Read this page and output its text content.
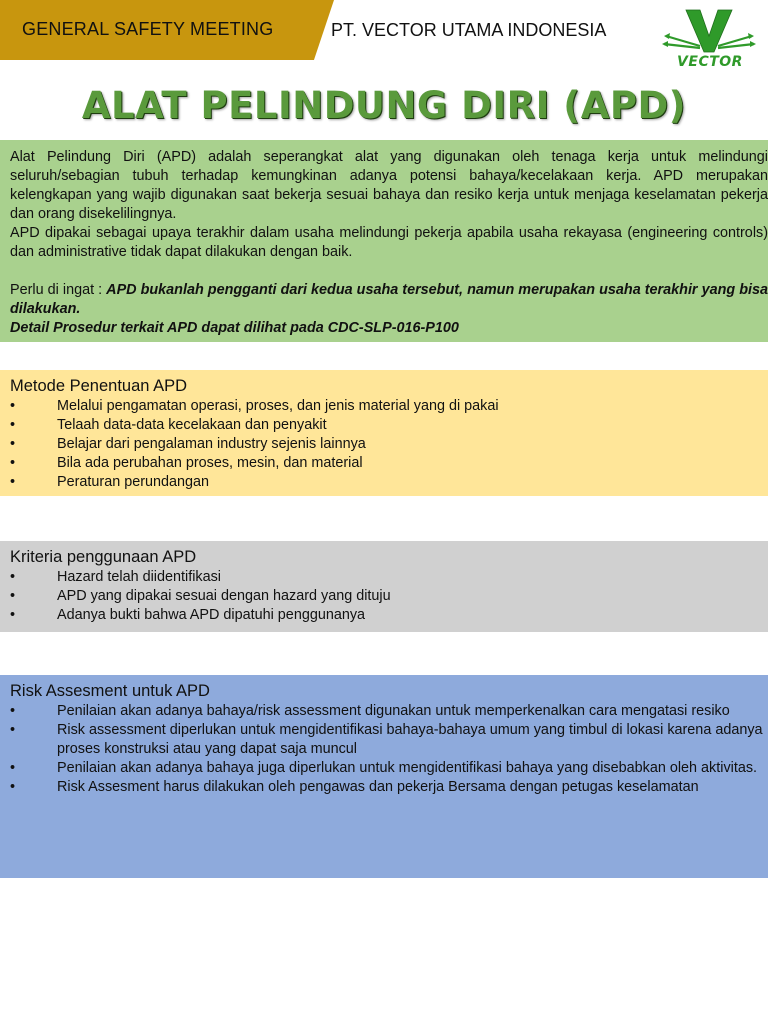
GENERAL SAFETY MEETING	PT. VECTOR UTAMA INDONESIA
VECTOR
ALAT PELINDUNG DIRI (APD)

Alat Pelindung Diri (APD) adalah seperangkat alat yang digunakan oleh tenaga kerja untuk melindungi seluruh/sebagian tubuh terhadap kemungkinan adanya potensi bahaya/kecelakaan kerja. APD merupakan kelengkapan yang wajib digunakan saat bekerja sesuai bahaya dan resiko kerja untuk menjaga keselamatan pekerja dan orang disekelilingnya.

APD dipakai sebagai upaya terakhir dalam usaha melindungi pekerja apabila usaha rekayasa (engineering controls) dan administrative tidak dapat dilakukan dengan baik.

Perlu di ingat : APD bukanlah pengganti dari kedua usaha tersebut, namun merupakan usaha terakhir yang bisa dilakukan.

Detail Prosedur terkait APD dapat dilihat pada CDC-SLP-016-P100

Metode Penentuan APD
• Melalui pengamatan operasi, proses, dan jenis material yang di pakai
• Telaah data-data kecelakaan dan penyakit
• Belajar dari pengalaman industry sejenis lainnya
• Bila ada perubahan proses, mesin, dan material
• Peraturan perundangan
Kriteria penggunaan APD
• Hazard telah diidentifikasi
• APD yang dipakai sesuai dengan hazard yang dituju
• Adanya bukti bahwa APD dipatuhi penggunanya
Risk Assesment untuk APD
• Penilaian akan adanya bahaya/risk assessment digunakan untuk memperkenalkan cara mengatasi resiko
• Risk assessment diperlukan untuk mengidentifikasi bahaya-bahaya umum yang timbul di lokasi karena adanya proses konstruksi atau yang dapat saja muncul
• Penilaian akan adanya bahaya juga diperlukan untuk mengidentifikasi bahaya yang disebabkan oleh aktivitas.
• Risk Assesment harus dilakukan oleh pengawas dan pekerja Bersama dengan petugas keselamatan
